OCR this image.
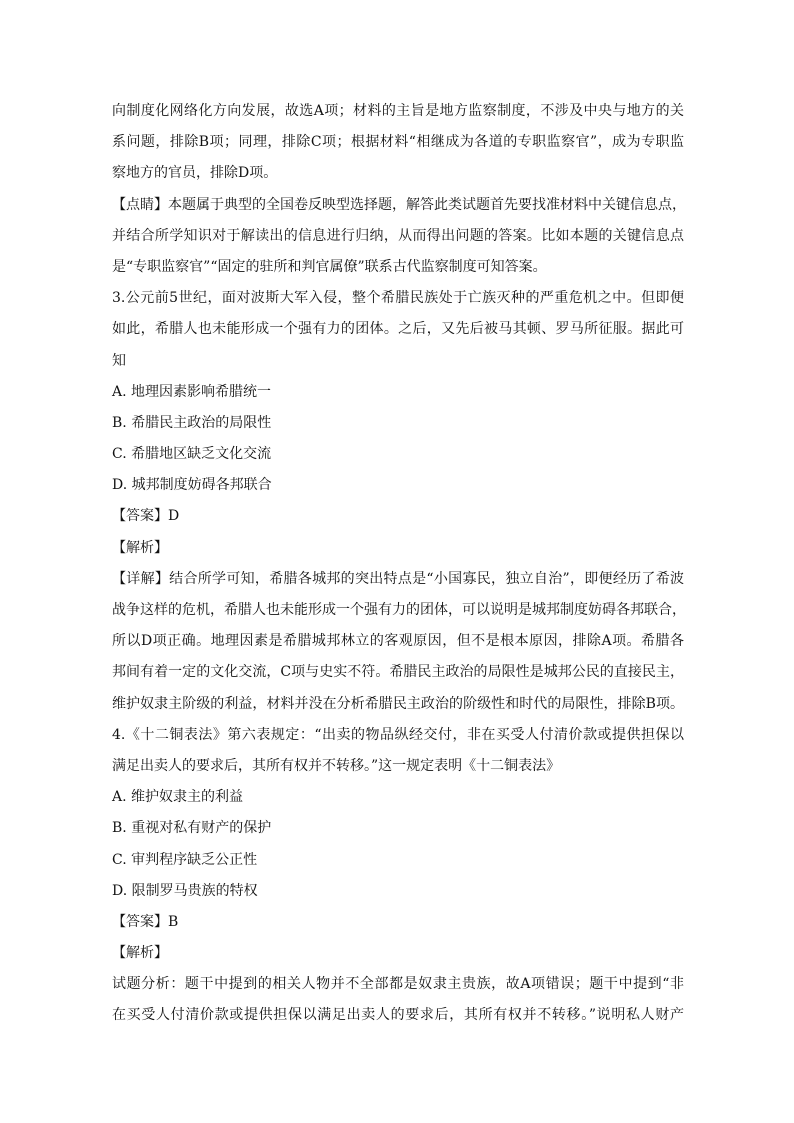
向制度化网络化方向发展，故选A项；材料的主旨是地方监察制度，不涉及中央与地方的关

系问题，排除B项；同理，排除C项；根据材料“相继成为各道的专职监察官”，成为专职监

察地方的官员，排除D项。

【点睛】本题属于典型的全国卷反映型选择题，解答此类试题首先要找准材料中关键信息点，

并结合所学知识对于解读出的信息进行归纳，从而得出问题的答案。比如本题的关键信息点

是“专职监察官”“固定的驻所和判官属僚”联系古代监察制度可知答案。

3.公元前5世纪，面对波斯大军入侵，整个希腊民族处于亡族灭种的严重危机之中。但即便

如此，希腊人也未能形成一个强有力的团体。之后，又先后被马其顿、罗马所征服。据此可

知

A. 地理因素影响希腊统一

B. 希腊民主政治的局限性

C. 希腊地区缺乏文化交流

D. 城邦制度妨碍各邦联合

【答案】D

【解析】

【详解】结合所学可知，希腊各城邦的突出特点是“小国寡民，独立自治”，即便经历了希波

战争这样的危机，希腊人也未能形成一个强有力的团体，可以说明是城邦制度妨碍各邦联合，

所以D项正确。地理因素是希腊城邦林立的客观原因，但不是根本原因，排除A项。希腊各

邦间有着一定的文化交流，C项与史实不符。希腊民主政治的局限性是城邦公民的直接民主，

维护奴隶主阶级的利益，材料并没在分析希腊民主政治的阶级性和时代的局限性，排除B项。

4.《十二铜表法》第六表规定：“出卖的物品纵经交付，非在买受人付清价款或提供担保以

满足出卖人的要求后，其所有权并不转移。”这一规定表明《十二铜表法》

A. 维护奴隶主的利益

B. 重视对私有财产的保护

C. 审判程序缺乏公正性

D. 限制罗马贵族的特权

【答案】B

【解析】

试题分析：题干中提到的相关人物并不全部都是奴隶主贵族，故A项错误；题干中提到“非

在买受人付清价款或提供担保以满足出卖人的要求后，其所有权并不转移。”说明私人财产
